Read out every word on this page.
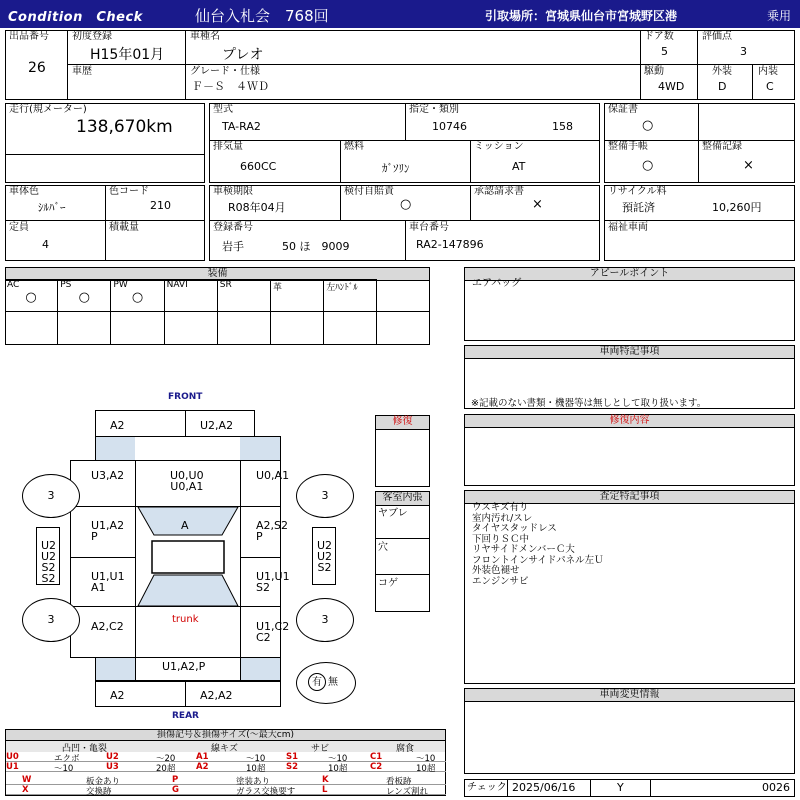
Condition　Check	仙台入札会　768回	引取場所：宮城県仙台市宮城野区港	乗用
出品番号
26
初度登録
H15年01月
車種名
プレオ
ドア数
5
評価点
3
車歴	グレード・仕様
Ｆ－Ｓ　４ＷＤ
駆動
4WD
外装
D
内装
C
走行(規メーター)
138,670km
型式
TA-RA2
指定・類別
10746	158
排気量
660CC
燃料
ｶﾞｿﾘﾝ
ミッション
AT
保証書
○
整備手帳
○
整備記録
×
車体色
ｼﾙﾊﾞｰ
色コード
210
定員
4
積載量
車検期限
R08年04月
検付自賠責
○
承認請求書
×
登録番号
岩手	50 ほ　9009
車台番号
RA2-147896
リサイクル料
預託済	10,260円
福祉車両
装備
AC
○
PS
○
PW
○
NAVI	SR	革	左ﾊﾝﾄﾞﾙ
アピールポイント
エアバッグ
車両特記事項
※記載のない書類・機器等は無しとして取り扱います。
修復内容
査定特記事項
ウスキズ有り
室内汚れ/スレ
タイヤスタッドレス
下回りＳＣ中
リヤサイドメンバーＣ大
フロントインサイドパネル左Ｕ
外装色褪せ
エンジンサビ
車両変更情報
チェック 2025/06/16	Y	0026
修復
客室内張
ヤブレ
穴
コゲ
FRONT
REAR
A2	U2,A2
U3,A2	U0,U0
U0,A1
U0,A1
A
U1,A2
P
A2,S2
P
U1,U1
A1
U1,U1
S2
A2,C2	U1,C2
C2
trunk
U1,A2,P
A2	A2,A2
U2
U2
S2
S2
U2
U2
S2
3	3
3	3
有 無
損傷記号＆損傷サイズ(～最大cm)
凸凹・亀裂	線キズ	サビ	腐食
U0	エクボ	U2	～20 A1	～10 S1	～10	C1	～10
U1	～10	U3	20超 A2	10超 S2	10超	C2	10超
W	板金あり	P	塗装あり	K	看板跡
X	交換跡	G	ガラス交換要す	L	レンズ割れ
